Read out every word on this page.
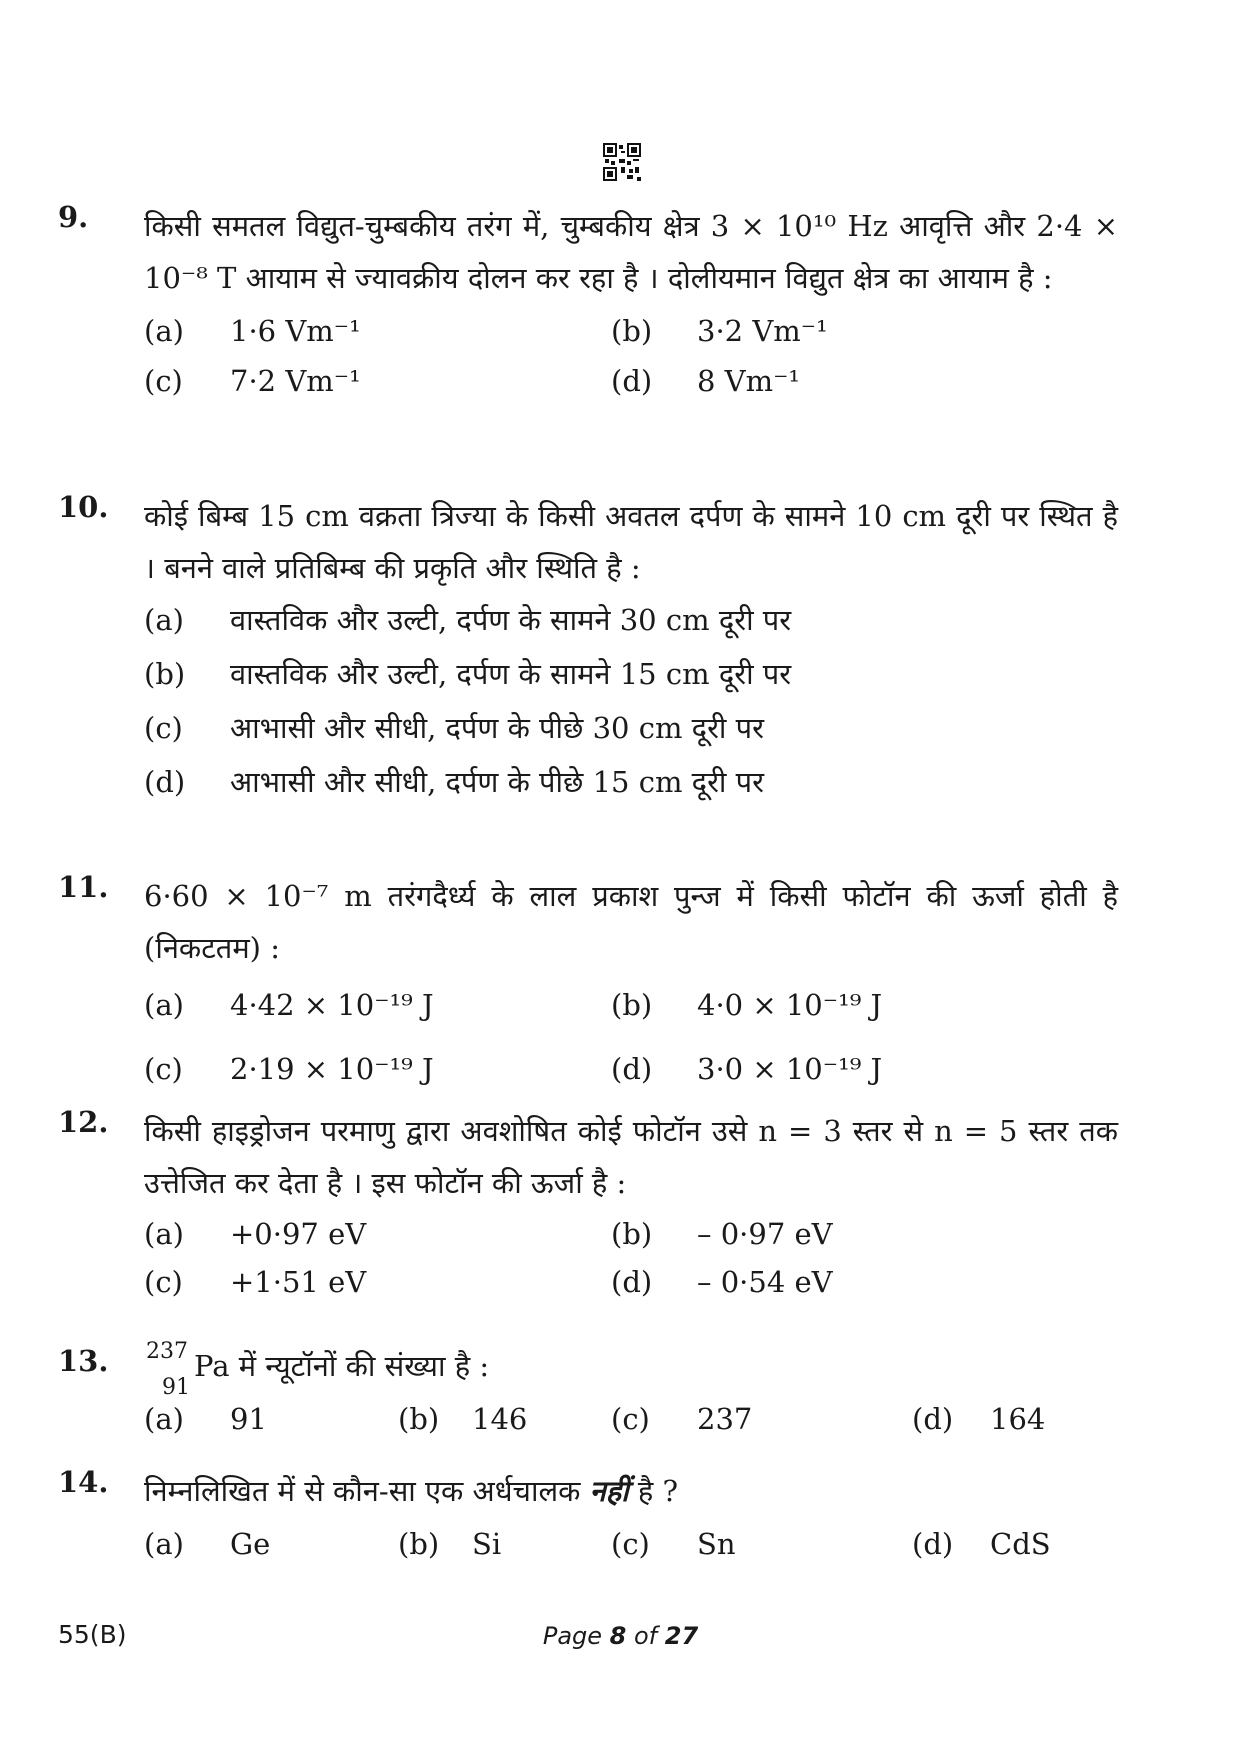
9. किसी समतल विद्युत-चुम्बकीय तरंग में, चुम्बकीय क्षेत्र 3 × 10¹⁰ Hz आवृत्ति और 2·4 × 10⁻⁸ T आयाम से ज्यावक्रीय दोलन कर रहा है । दोलीयमान विद्युत क्षेत्र का आयाम है :
(a) 1·6 Vm⁻¹	(b) 3·2 Vm⁻¹
(c) 7·2 Vm⁻¹	(d) 8 Vm⁻¹
10. कोई बिम्ब 15 cm वक्रता त्रिज्या के किसी अवतल दर्पण के सामने 10 cm दूरी पर स्थित है । बनने वाले प्रतिबिम्ब की प्रकृति और स्थिति है :
(a) वास्तविक और उल्टी, दर्पण के सामने 30 cm दूरी पर
(b) वास्तविक और उल्टी, दर्पण के सामने 15 cm दूरी पर
(c) आभासी और सीधी, दर्पण के पीछे 30 cm दूरी पर
(d) आभासी और सीधी, दर्पण के पीछे 15 cm दूरी पर
11. 6·60 × 10⁻⁷ m तरंगदैर्ध्य के लाल प्रकाश पुन्ज में किसी फोटॉन की ऊर्जा होती है (निकटतम) :
(a) 4·42 × 10⁻¹⁹ J	(b) 4·0 × 10⁻¹⁹ J
(c) 2·19 × 10⁻¹⁹ J	(d) 3·0 × 10⁻¹⁹ J
12. किसी हाइड्रोजन परमाणु द्वारा अवशोषित कोई फोटॉन उसे n = 3 स्तर से n = 5 स्तर तक उत्तेजित कर देता है । इस फोटॉन की ऊर्जा है :
(a) +0·97 eV	(b) – 0·97 eV
(c) +1·51 eV	(d) – 0·54 eV
13. 237
91
Pa में न्यूटॉनों की संख्या है :
(a) 91	(b) 146	(c) 237	(d) 164
14. निम्नलिखित में से कौन-सा एक अर्धचालक नहीं है ?
(a) Ge	(b) Si	(c) Sn	(d) CdS
55(B)	Page 8 of 27
